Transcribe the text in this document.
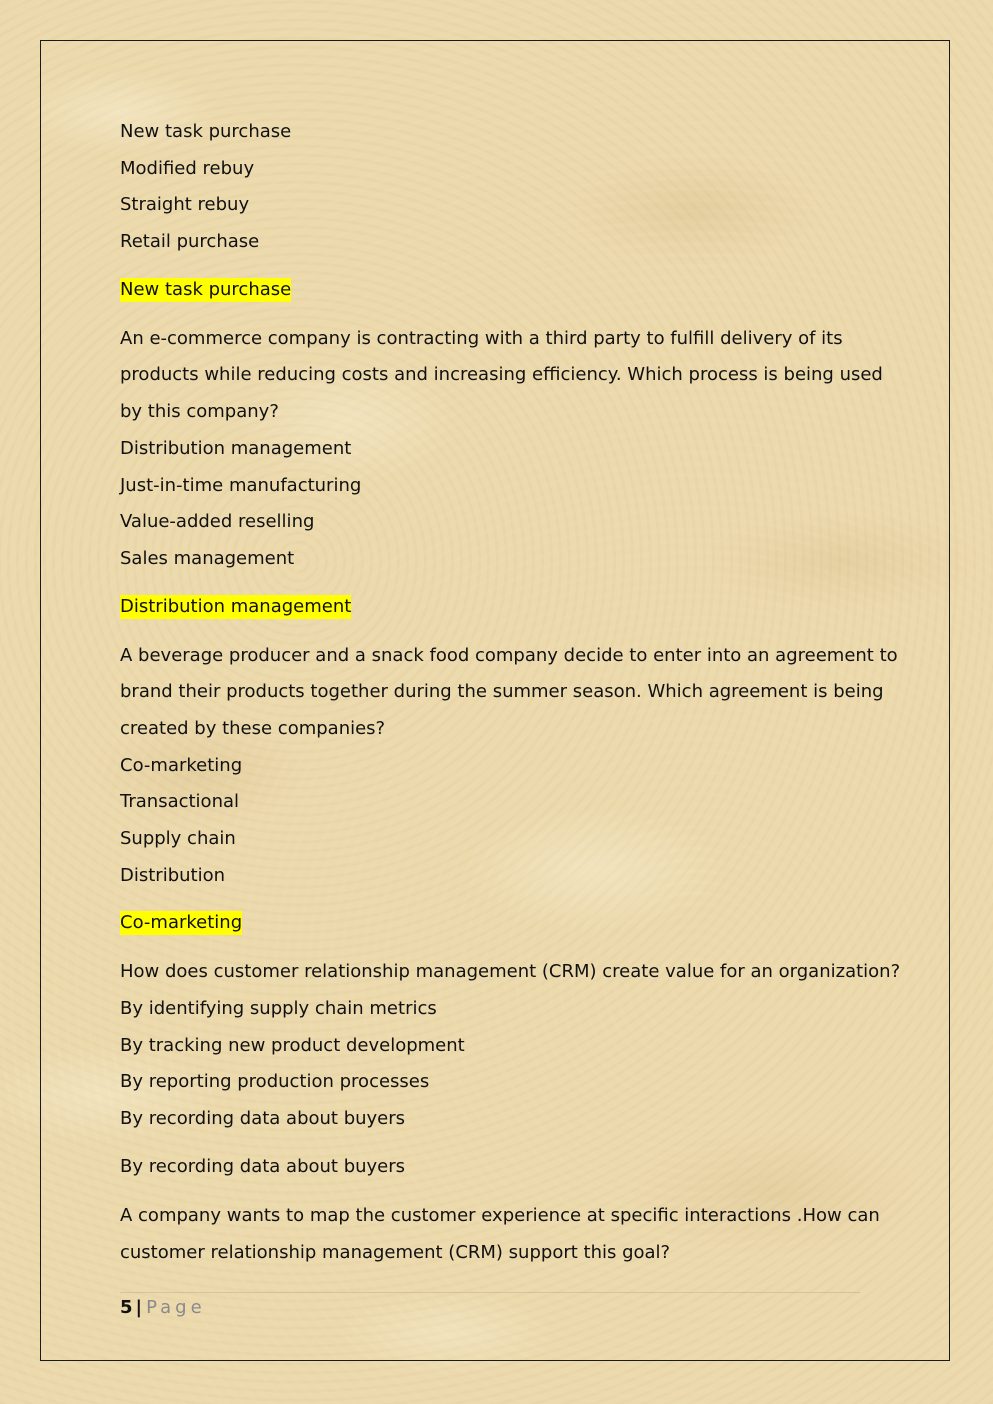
New task purchase
Modified rebuy
Straight rebuy
Retail purchase
New task purchase
An e-commerce company is contracting with a third party to fulfill delivery of its
products while reducing costs and increasing efficiency. Which process is being used
by this company?
Distribution management
Just-in-time manufacturing
Value-added reselling
Sales management
Distribution management
A beverage producer and a snack food company decide to enter into an agreement to
brand their products together during the summer season. Which agreement is being
created by these companies?
Co-marketing
Transactional
Supply chain
Distribution
Co-marketing
How does customer relationship management (CRM) create value for an organization?
By identifying supply chain metrics
By tracking new product development
By reporting production processes
By recording data about buyers
By recording data about buyers
A company wants to map the customer experience at specific interactions .How can
customer relationship management (CRM) support this goal?
5 | Page
